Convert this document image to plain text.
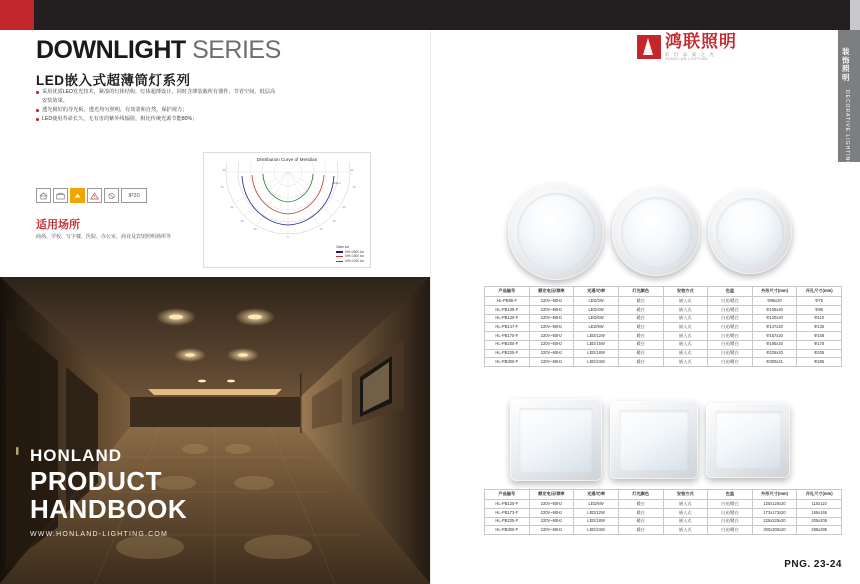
DOWNLIGHT SERIES
LED嵌入式超薄筒灯系列
采用优质LED发光技术，紧凑的灯体结构，灯体超薄设计，同时含薄装载所有器件，节省空间，低层高安装效果。
透光极好的导光板，透光均匀照明，有效柔和自然，保护视力；
LED使用寿命长久，无有害的紫外线辐射，相比传统光源节能80%；
IP20
适用场所
商场、学校、写字楼、医院、办公室、商业及宾馆照明场所等
Distribution Curve of Meridian
90	90
60	60
30	30
0
45	45
75	75
cd/klm
Glare cut
MH=2500 lux
MH=1500 lux
MH=1000 lux
HONLAND
PRODUCT
HANDBOOK
WWW.HONLAND-LIGHTING.COM
鸿联照明
好 灯 品 质 之 光
HONGLIAN LIGHTING
装饰照明
DECORATIVE LIGHTING
产品编号	额定电压/频率	光通/功率	灯光颜色	安装方式	色温	外形尺寸(mm)	开孔尺寸(mm)
HL-PB85-F	220V~50Hz	LED/3W	暖白	嵌入式	白光/暖白	Φ85x20	Φ75
HL-PB105-F	220V~50Hz	LED/4W	暖白	嵌入式	白光/暖白	Φ105x20	Φ95
HL-PB120-F	220V~50Hz	LED/6W	暖白	嵌入式	白光/暖白	Φ120x20	Φ110
HL-PB147-F	220V~50Hz	LED/9W	暖白	嵌入式	白光/暖白	Φ147x20	Φ135
HL-PB170-F	220V~50Hz	LED/12W	暖白	嵌入式	白光/暖白	Φ167x20	Φ158
HL-PB200-F	220V~50Hz	LED/15W	暖白	嵌入式	白光/暖白	Φ195x20	Φ178
HL-PB225-F	220V~50Hz	LED/18W	暖白	嵌入式	白光/暖白	Φ225x20	Φ205
HL-PB300-F	220V~50Hz	LED/24W	暖白	嵌入式	白光/暖白	Φ300x21	Φ285
产品编号	额定电压/频率	光通/功率	灯光颜色	安装方式	色温	外形尺寸(mm)	开孔尺寸(mm)
HL-PB120-F	220V~50Hz	LED/6W	暖白	嵌入式	白光/暖白	120x120x20	110x110
HL-PB173-F	220V~50Hz	LED/12W	暖白	嵌入式	白光/暖白	173x173x20	165x165
HL-PB225-F	220V~50Hz	LED/18W	暖白	嵌入式	白光/暖白	225x225x20	205x205
HL-PB300-F	220V~50Hz	LED/24W	暖白	嵌入式	白光/暖白	300x300x20	285x285
PNG. 23-24
